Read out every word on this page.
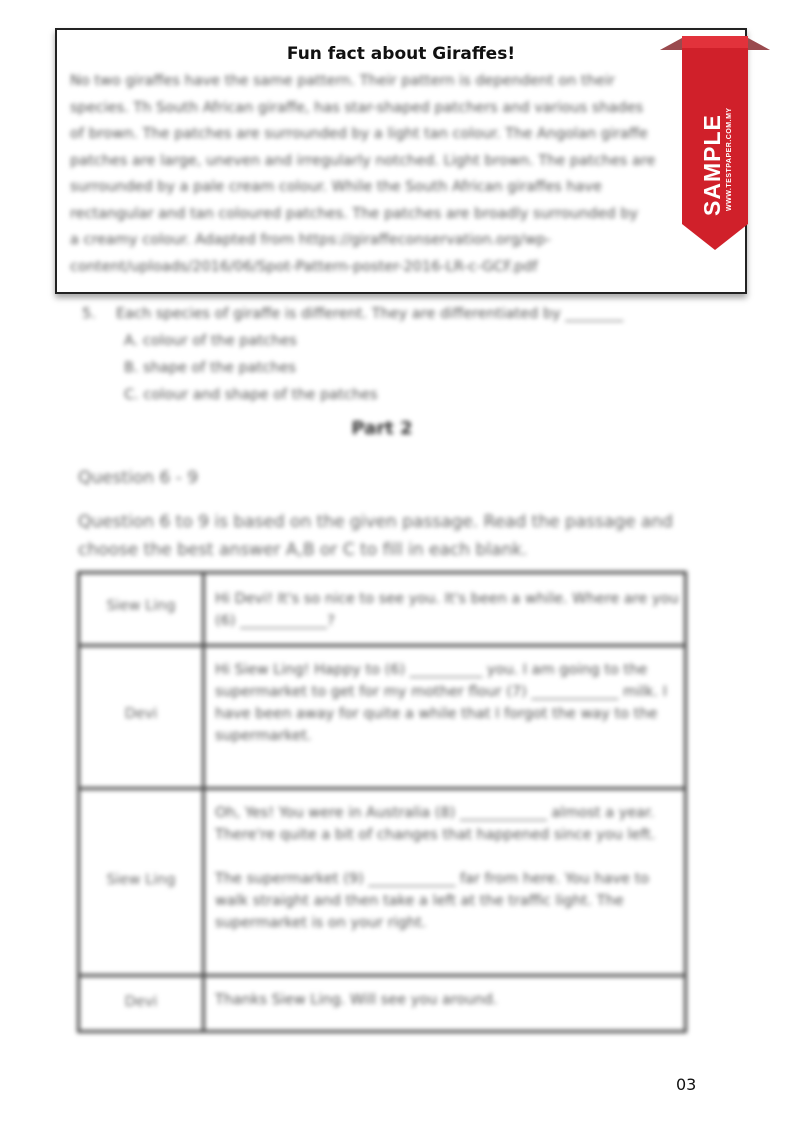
Fun fact about Giraffes!
No two giraffes have the same pattern. Their pattern is dependent on their
species. Th South African giraffe, has star-shaped patchers and various shades
of brown. The patches are surrounded by a light tan colour. The Angolan giraffe
patches are large, uneven and irregularly notched. Light brown. The patches are
surrounded by a pale cream colour. While the South African giraffes have
rectangular and tan coloured patches. The patches are broadly surrounded by
a creamy colour. Adapted from https://giraffeconservation.org/wp-
content/uploads/2016/06/Spot-Pattern-poster-2016-LR-c-GCF.pdf
SAMPLE WWW.TESTPAPER.COM.MY
5. Each species of giraffe is different. They are differentiated by ________
A. colour of the patches
B. shape of the patches
C. colour and shape of the patches
Part 2
Question 6 - 9
Question 6 to 9 is based on the given passage. Read the passage and choose the best answer A,B or C to fill in each blank.
Siew Ling	Hi Devi! It's so nice to see you. It's been a while. Where are you (6) ____________?

Devi

Hi Siew Ling! Happy to (6) __________ you. I am going to the supermarket to get for my mother flour (7) ____________ milk. I have been away for quite a while that I forgot the way to the supermarket.

Siew Ling

Oh, Yes! You were in Australia (8) ____________ almost a year. There're quite a bit of changes that happened since you left.

The supermarket (9) ____________ far from here. You have to walk straight and then take a left at the traffic light. The supermarket is on your right.

Devi	Thanks Siew Ling. Will see you around.

03
